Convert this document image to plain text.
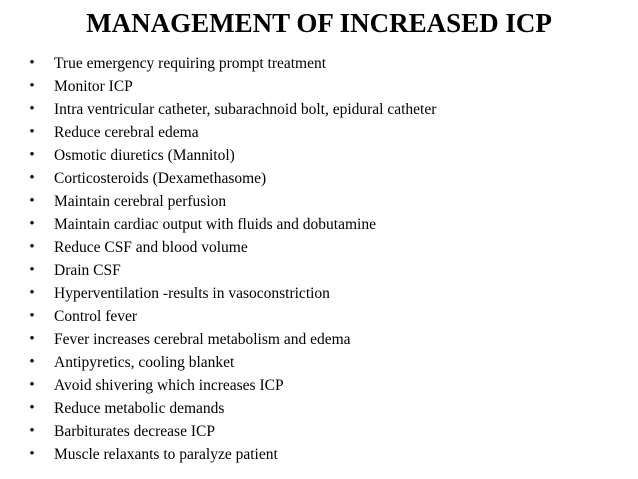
MANAGEMENT OF INCREASED ICP
• True emergency requiring prompt treatment
• Monitor ICP
• Intra ventricular catheter, subarachnoid bolt, epidural catheter
• Reduce cerebral edema
• Osmotic diuretics (Mannitol)
• Corticosteroids (Dexamethasome)
• Maintain cerebral perfusion
• Maintain cardiac output with fluids and dobutamine
• Reduce CSF and blood volume
• Drain CSF
• Hyperventilation -results in vasoconstriction
• Control fever
• Fever increases cerebral metabolism and edema
• Antipyretics, cooling blanket
• Avoid shivering which increases ICP
• Reduce metabolic demands
• Barbiturates decrease ICP
• Muscle relaxants to paralyze patient
